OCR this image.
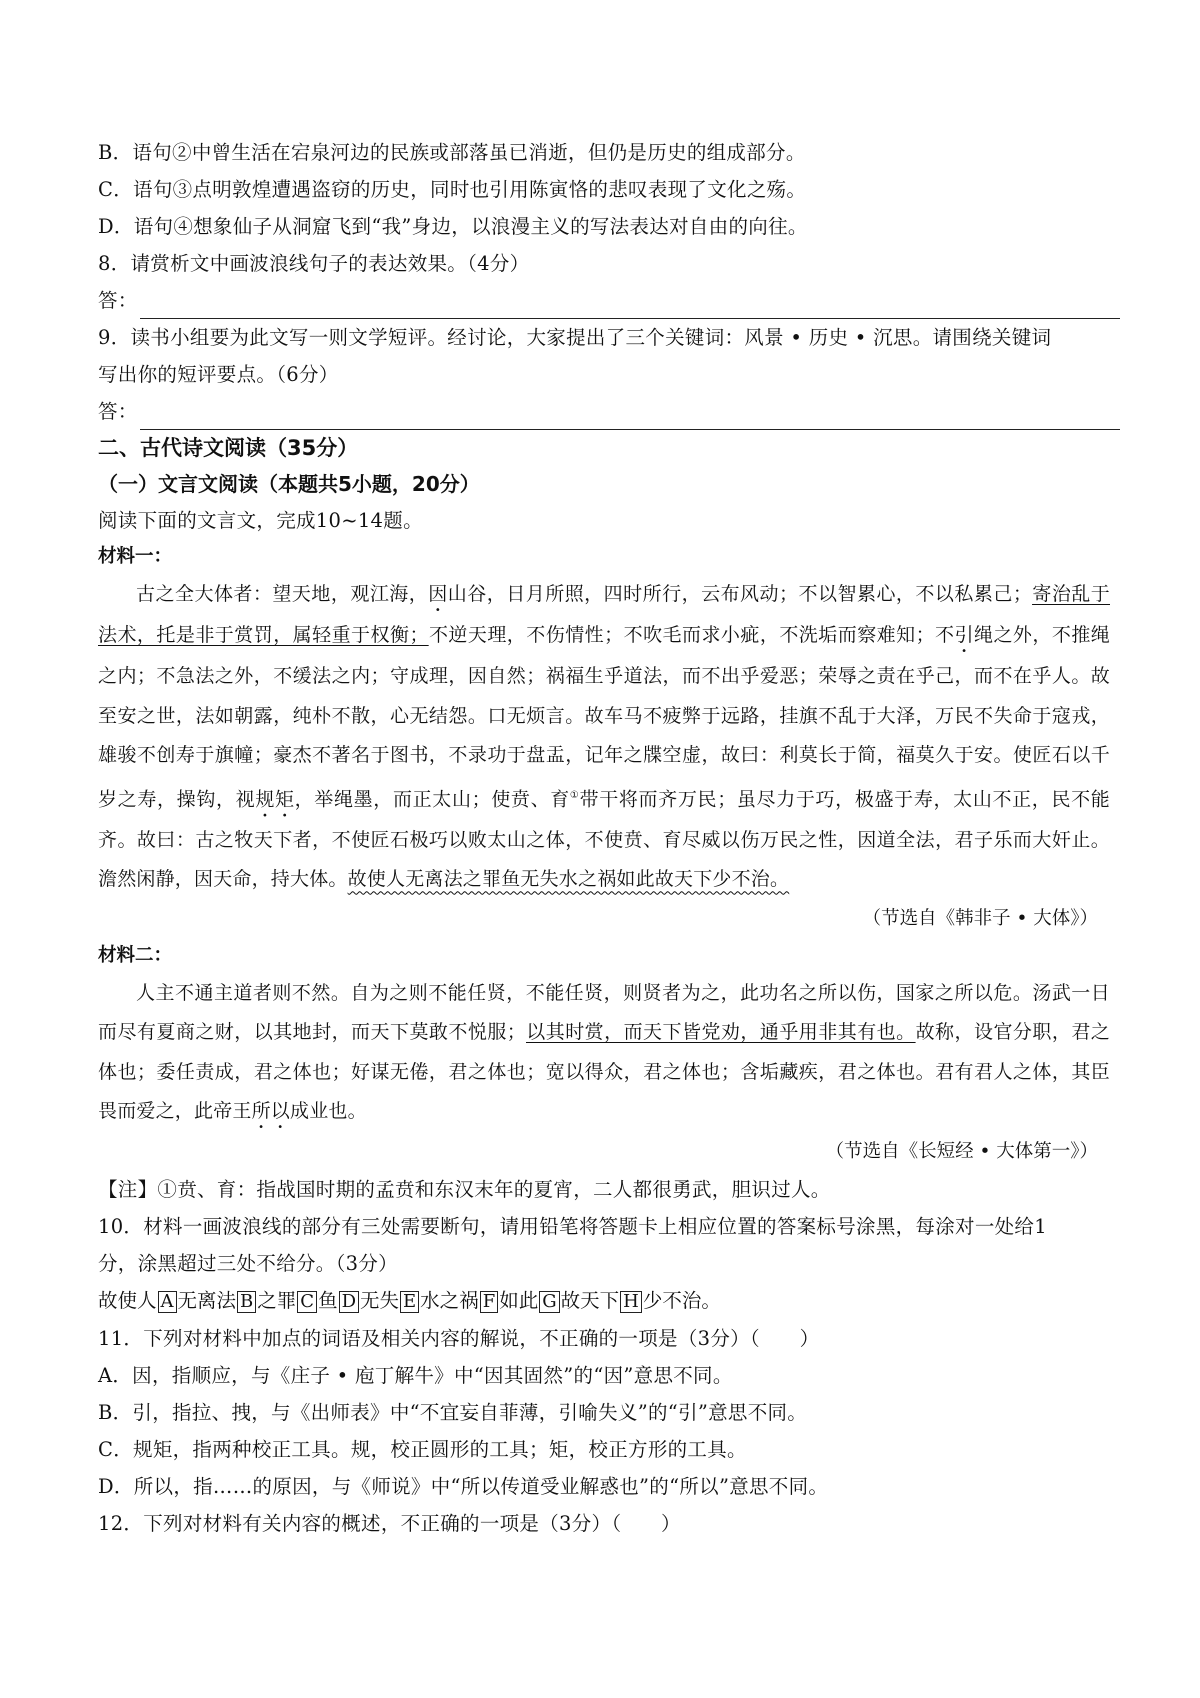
B．语句②中曾生活在宕泉河边的民族或部落虽已消逝，但仍是历史的组成部分。
C．语句③点明敦煌遭遇盗窃的历史，同时也引用陈寅恪的悲叹表现了文化之殇。
D．语句④想象仙子从洞窟飞到“我”身边，以浪漫主义的写法表达对自由的向往。
8．请赏析文中画波浪线句子的表达效果。（4分）
答：
9．读书小组要为此文写一则文学短评。经讨论，大家提出了三个关键词：风景 • 历史 • 沉思。请围绕关键词
写出你的短评要点。（6分）
答：
二、古代诗文阅读（35分）
（一）文言文阅读（本题共5小题，20分）
阅读下面的文言文，完成10~14题。
材料一：
古之全大体者：望天地，观江海，因山谷，日月所照，四时所行，云布风动；不以智累心，不以私累己；寄治乱于法术，托是非于赏罚，属轻重于权衡；不逆天理，不伤情性；不吹毛而求小疵，不洗垢而察难知；不引绳之外，不推绳之内；不急法之外，不缓法之内；守成理，因自然；祸福生乎道法，而不出乎爱恶；荣辱之责在乎己，而不在乎人。故至安之世，法如朝露，纯朴不散，心无结怨。口无烦言。故车马不疲弊于远路，挂旗不乱于大泽，万民不失命于寇戎，雄骏不创寿于旗幢；豪杰不著名于图书，不录功于盘盂，记年之牒空虚，故曰：利莫长于简，福莫久于安。使匠石以千岁之寿，操钩，视规矩，举绳墨，而正太山；使贲、育①带干将而齐万民；虽尽力于巧，极盛于寿，太山不正，民不能齐。故曰：古之牧天下者，不使匠石极巧以败太山之体，不使贲、育尽威以伤万民之性，因道全法，君子乐而大奸止。澹然闲静，因天命，持大体。故使人无离法之罪鱼无失水之祸如此故天下少不治。
（节选自《韩非子 • 大体》）
材料二：
人主不通主道者则不然。自为之则不能任贤，不能任贤，则贤者为之，此功名之所以伤，国家之所以危。汤武一日而尽有夏商之财，以其地封，而天下莫敢不悦服；以其时赏，而天下皆党劝，通乎用非其有也。故称，设官分职，君之体也；委任责成，君之体也；好谋无倦，君之体也；宽以得众，君之体也；含垢藏疾，君之体也。君有君人之体，其臣畏而爱之，此帝王所以成业也。
（节选自《长短经 • 大体第一》）
【注】①贲、育：指战国时期的孟贲和东汉末年的夏宵，二人都很勇武，胆识过人。
10．材料一画波浪线的部分有三处需要断句，请用铅笔将答题卡上相应位置的答案标号涂黑，每涂对一处给1
分，涂黑超过三处不给分。（3分）
故使人 A 无离法 B 之罪 C 鱼 D 无失 E 水之祸 F 如此 G 故天下 H 少不治。
11．下列对材料中加点的词语及相关内容的解说，不正确的一项是（3分）（　　）
A．因，指顺应，与《庄子 • 庖丁解牛》中“因其固然”的“因”意思不同。
B．引，指拉、拽，与《出师表》中“不宜妄自菲薄，引喻失义”的“引”意思不同。
C．规矩，指两种校正工具。规，校正圆形的工具；矩，校正方形的工具。
D．所以，指……的原因，与《师说》中“所以传道受业解惑也”的“所以”意思不同。
12．下列对材料有关内容的概述，不正确的一项是（3分）（　　）
